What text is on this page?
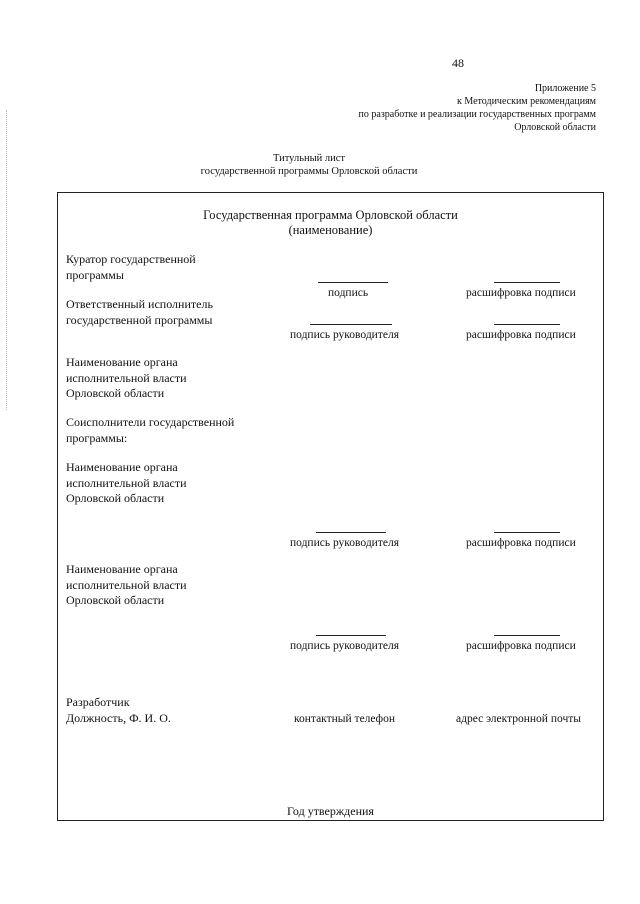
48
Приложение 5
к Методическим рекомендациям
по разработке и реализации государственных программ
Орловской области
Титульный лист
государственной программы Орловской области
Государственная программа Орловской области
(наименование)
Куратор государственной
программы
подпись	расшифровка подписи
Ответственный исполнитель
государственной программы
подпись руководителя	расшифровка подписи
Наименование органа
исполнительной власти
Орловской области
Соисполнители государственной
программы:
Наименование органа
исполнительной власти
Орловской области
подпись руководителя	расшифровка подписи
Наименование органа
исполнительной власти
Орловской области
подпись руководителя	расшифровка подписи
Разработчик
Должность, Ф. И. О.	контактный телефон	адрес электронной почты
Год утверждения
